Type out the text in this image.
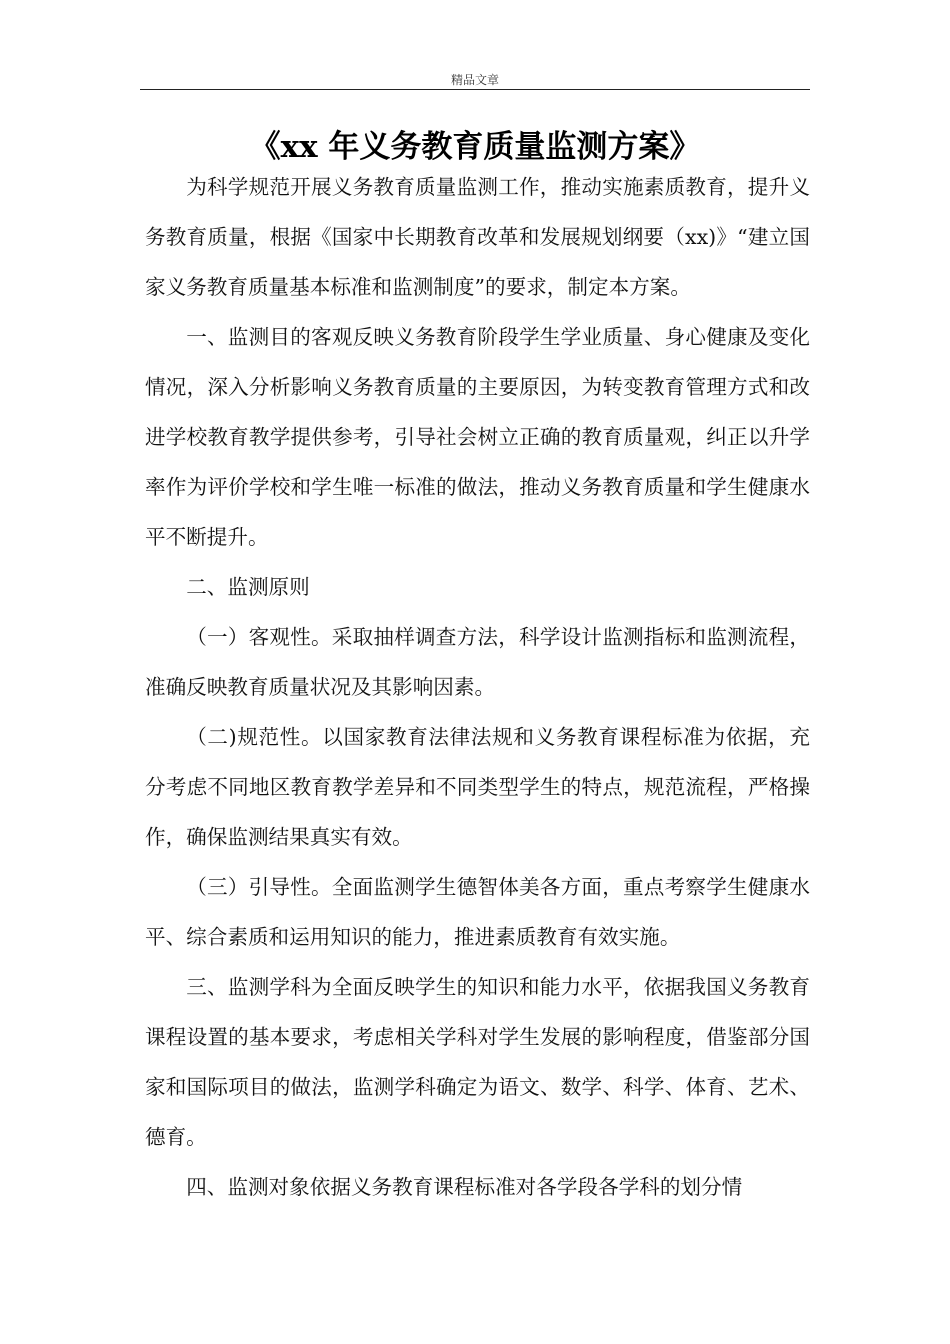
精品文章
《xx 年义务教育质量监测方案》

为科学规范开展义务教育质量监测工作，推动实施素质教育，提升义务教育质量，根据《国家中长期教育改革和发展规划纲要（xx)》“建立国家义务教育质量基本标准和监测制度”的要求，制定本方案。

一、监测目的客观反映义务教育阶段学生学业质量、身心健康及变化情况，深入分析影响义务教育质量的主要原因，为转变教育管理方式和改进学校教育教学提供参考，引导社会树立正确的教育质量观，纠正以升学率作为评价学校和学生唯一标准的做法，推动义务教育质量和学生健康水平不断提升。

二、监测原则

（一）客观性。采取抽样调查方法，科学设计监测指标和监测流程，准确反映教育质量状况及其影响因素。

（二)规范性。以国家教育法律法规和义务教育课程标准为依据，充分考虑不同地区教育教学差异和不同类型学生的特点，规范流程，严格操作，确保监测结果真实有效。

（三）引导性。全面监测学生德智体美各方面，重点考察学生健康水平、综合素质和运用知识的能力，推进素质教育有效实施。

三、监测学科为全面反映学生的知识和能力水平，依据我国义务教育课程设置的基本要求，考虑相关学科对学生发展的影响程度，借鉴部分国家和国际项目的做法，监测学科确定为语文、数学、科学、体育、艺术、德育。

四、监测对象依据义务教育课程标准对各学段各学科的划分情
